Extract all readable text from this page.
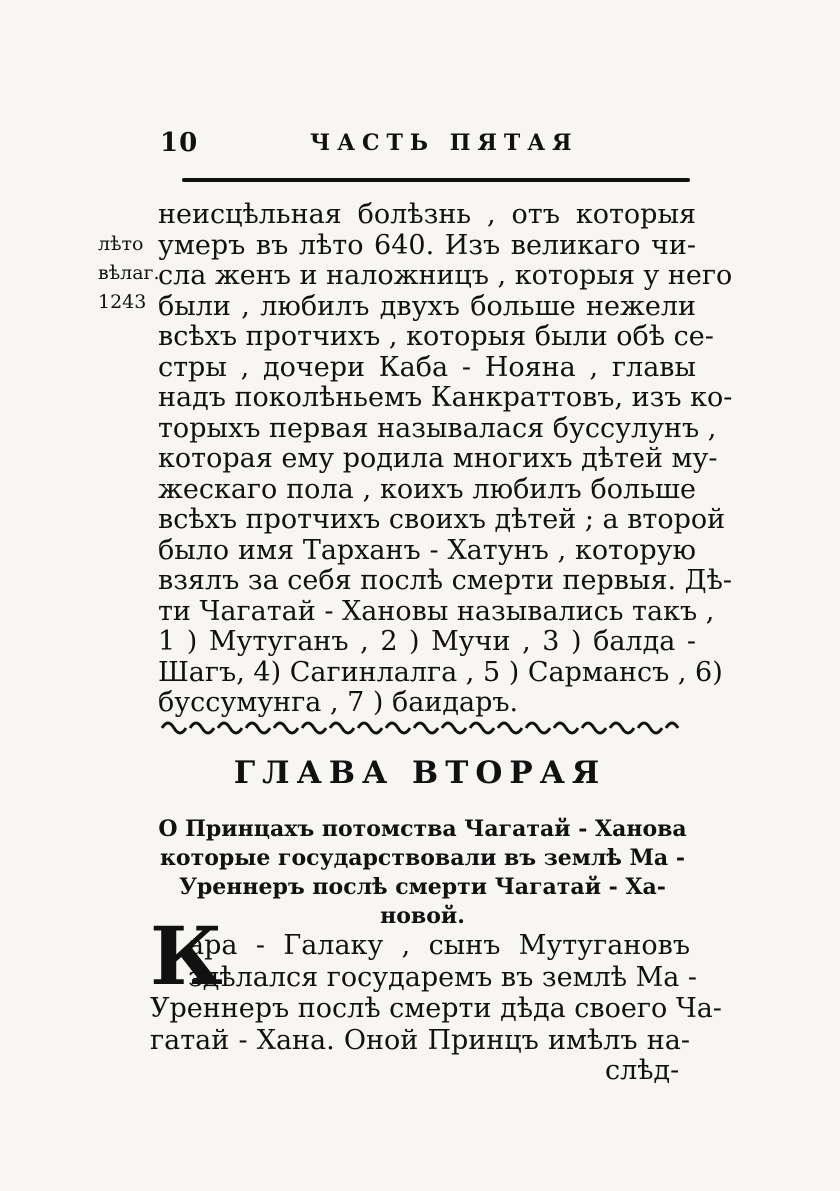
10	ЧАСТЬ ПЯТАЯ
лѣто
вѣлаг.
1243
неисцѣльная болѣзнь , отъ которыя
умеръ въ лѣто 640. Изъ великаго чи-
сла женъ и наложницъ , которыя у него
были , любилъ двухъ больше нежели
всѣхъ протчихъ , которыя были обѣ се-
стры , дочери Каба - Нояна , главы
надъ поколѣньемъ Канкраттовъ, изъ ко-
торыхъ первая называлася буссулунъ ,
которая ему родила многихъ дѣтей му-
жескаго пола , коихъ любилъ больше
всѣхъ протчихъ своихъ дѣтей ; а второй
было имя Тарханъ - Хатунъ , которую
взялъ за себя послѣ смерти первыя. Дѣ-
ти Чагатай - Хановы назывались такъ ,
1 ) Мутуганъ , 2 ) Мучи , 3 ) балда -
Шагъ, 4) Сагинлалга , 5 ) Сармансъ , 6)
буссумунга , 7 ) баидаръ.
ГЛАВА ВТОРАЯ
О Принцахъ потомства Чагатай - Ханова
которые государствовали въ землѣ Ма -
Уреннеръ послѣ смерти Чагатай - Ха-
новой.
К
ара - Галаку , сынъ Мутугановъ
здѣлался государемъ въ землѣ Ма -
Уреннеръ послѣ смерти дѣда своего Ча-
гатай - Хана. Оной Принцъ имѣлъ на-
слѣд-
